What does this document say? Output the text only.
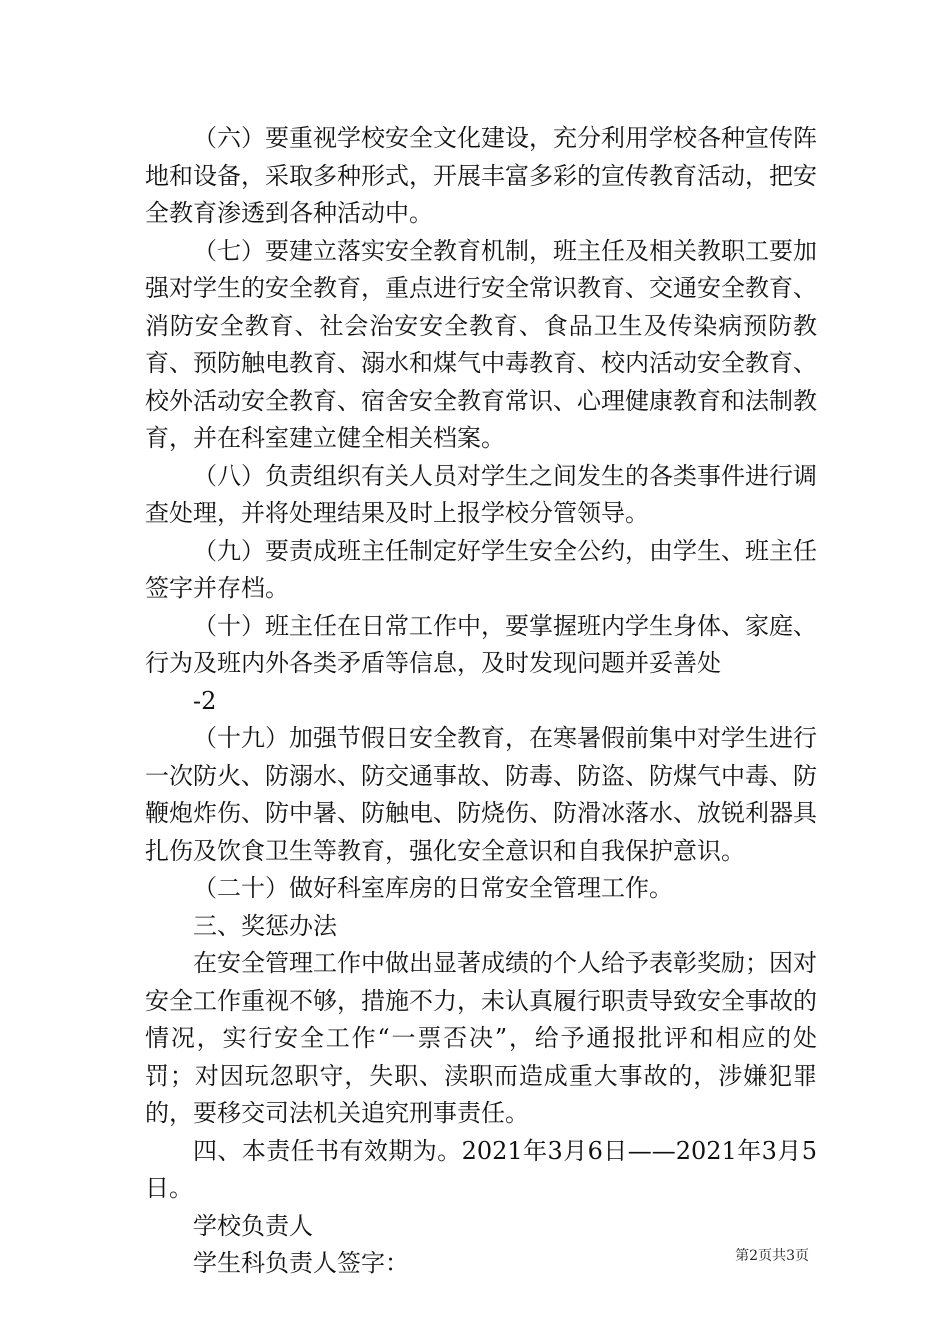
（六）要重视学校安全文化建设，充分利用学校各种宣传阵地和设备，采取多种形式，开展丰富多彩的宣传教育活动，把安全教育渗透到各种活动中。

（七）要建立落实安全教育机制，班主任及相关教职工要加强对学生的安全教育，重点进行安全常识教育、交通安全教育、消防安全教育、社会治安安全教育、食品卫生及传染病预防教育、预防触电教育、溺水和煤气中毒教育、校内活动安全教育、校外活动安全教育、宿舍安全教育常识、心理健康教育和法制教育，并在科室建立健全相关档案。

（八）负责组织有关人员对学生之间发生的各类事件进行调查处理，并将处理结果及时上报学校分管领导。

（九）要责成班主任制定好学生安全公约，由学生、班主任签字并存档。

（十）班主任在日常工作中，要掌握班内学生身体、家庭、行为及班内外各类矛盾等信息，及时发现问题并妥善处

-2

（十九）加强节假日安全教育，在寒暑假前集中对学生进行一次防火、防溺水、防交通事故、防毒、防盗、防煤气中毒、防鞭炮炸伤、防中暑、防触电、防烧伤、防滑冰落水、放锐利器具扎伤及饮食卫生等教育，强化安全意识和自我保护意识。

（二十）做好科室库房的日常安全管理工作。

三、奖惩办法

在安全管理工作中做出显著成绩的个人给予表彰奖励；因对安全工作重视不够，措施不力，未认真履行职责导致安全事故的情况，实行安全工作“一票否决”，给予通报批评和相应的处罚；对因玩忽职守，失职、渎职而造成重大事故的，涉嫌犯罪的，要移交司法机关追究刑事责任。

四、本责任书有效期为。2021年3月6日——2021年3月5日。

学校负责人

学生科负责人签字：	第2页共3页
